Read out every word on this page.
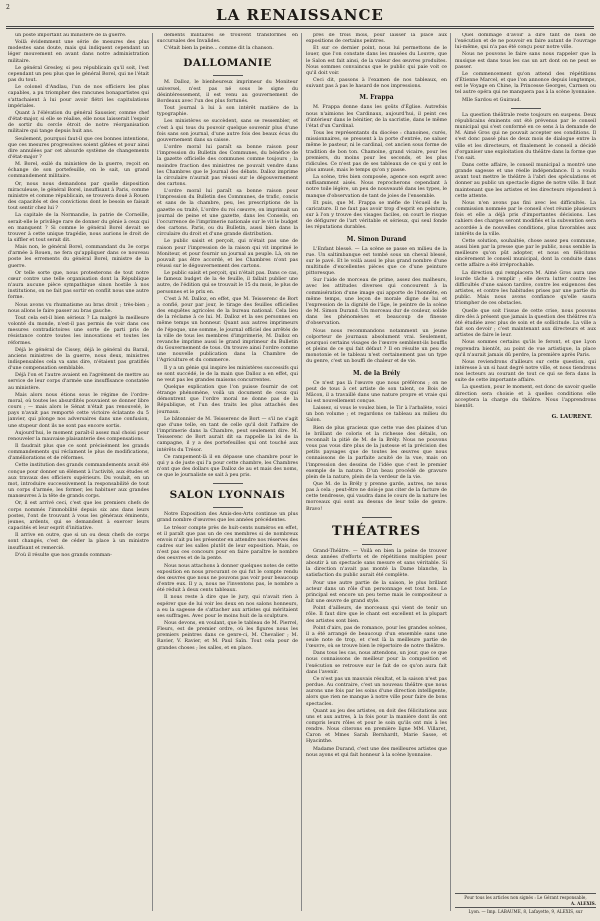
2	LA RENAISSANCE

un poste important au ministère de la guerre.

Voilà évidemment une série de mesures des plus modestes sans doute, mais qui indiquent cependant un léger mouvement en avant dans notre administration militaire.

Le général Gresley, si peu républicain qu'il soit, l'est cependant un peu plus que le général Borel, qui ne l'était pas du tout.

Le colonel d'Andlau, l'un de nos officiers les plus capables, a pu triompher des rancunes bonapartistes qui s'attachaient à lui pour avoir flétri les capitulations impériales.

Quant à l'élévation du général Saussier, comme chef d'état-major, si elle se réalise, elle nous laisserait l'espoir de sortir du cercle étroit de notre réorganisation militaire qui tange depuis huit ans.

Seulement, pourquoi faut-il que ces bonnes intentions, que ces mesures progressives soient gâtées et pour ainsi dire annulées par cet absurde système de changements d'état-major ?

M. Borel, exilé du ministère de la guerre, reçoit en échange de son portefeuille, on le sait, un grand commandement militaire.

Or, nous nous demandons par quelle disposition miraculeuse, le général Borel, insuffisant à Paris, comme ministre et comme républicain, se trouvera doué à Rouen des capacités et des convictions dont le besoin se faisait tout sentir chez lui ?

La capitale de la Normandie, la patrie de Corneille, serait-elle le privilège rare de donner du génie à ceux qui en manquent ? Si comme le général Borel devait se trouver à cette unique tragédie, nous aurions le droit de la siffler et tout serait dit.

Mais non, le général Borel, commandant du 3e corps d'armée à Rouen, ne fera qu'appliquer dans ce nouveau poste les errements du général Borel, ministre de la guerre.

Or telle sorte que, nous protesterons de tout notre cœur contre une telle organisation dont la République n'aura aucune pièce sympathique sinon hostile à nos institutions, on ne fait pas sortir en conflit nous une autre forme.

Nous avons vu rhumatisme au bras droit ; très-bien ; nous allons le faire passer au bras gauche.

Tout cela est-il bien sérieux ? La malgré la meilleure volonté du monde, n'est-il pas permis de voir dans ces mesures contradictoires une sorte de parti pris de résistance contre toutes les innovations et toutes les réformes.

Déjà le général de Cissey, déjà le général du Barail, anciens ministres de la guerre, nous deux, ministres indispensables cela va sans dire, n'étaient pas gratifiés d'une compensation semblable.

Déjà l'on et l'autre avaient en l'agrément de mettre au service de leur corps d'armée une insuffisance constatée au ministère.

Mais alors nous étions sous le régime de l'ordre-moral, où toutes les absurdités pouvaient se donner libre cours ; — mais alors le Sénat n'était pas renouvelé, le pays n'avait pas remporté cette victoire éclatante du 5 janvier, qui plonge nos adversaires dans une confusion, une stupeur dont ils ne sont pas encore sortis.

Aujourd'hui, le moment paraît-il assez mal choisi pour renouveler la mauvaise plaisanterie des compensations.

Il faudrait plus que ce sont précisément les grands commandements qui réclament le plus de modifications, d'améliorations et de réformes.

Cette institution des grands commandements avait été conçue pour donner un élément à l'activité, aux études et aux travaux des officiers supérieurs. Du voulait, en un mot, introduire successivement la responsabilité de tout un corps d'armée, les former, les habituer aux grandes manœuvres à la tête de grands corps.

Or, il est arrivé ceci, c'est que les premiers chefs de corps nommés l'immobilité depuis six ans dans leurs postes, l'ont de trouvant à vous les généraux éminents, jeunes, ardents, qui se demandent à exercer leurs capacités et leur esprit d'initiative.

Il arrive en outre, que si un ou deux chefs de corps sont changés, c'est de céder la place à un ministre insuffisant et remercié.

D'où il résulte que nos grands comman-

dements militaires se trouvent transformés en succursales des Invalides.

C'était bien la peine... comme dit la chanson.

DALLOMANIE

M. Dalloz, le bienheureux imprimeur du Moniteur universel, n'est pas né sous le signe du désintéressement, il est venu au gouvernement de Bordeaux avec l'un des plus fortunés.

Tout journal à lui à son intérêt matière de la typographie.

Les ministères se succèdent, sans se ressembler, et c'est à qui tous du pouvoir quelque souvenir plus d'une fois sans son journal, d'une autre fois des beaux écus du gouvernement dans sa caisse.

L'ordre moral lui paraît sa bonne raison pour l'impression du Bulletin des Communes, du bénéfice de la gazette officielle des communes comme toujours ; la moindre fraction des ministres ne pouvait vendre dans les Chambres que le Journal des débats. Dalloz imprime la circulaire n'aurait pas réussi sur le dégouvernement des cartons.

L'ordre moral lui paraît sa bonne raison pour l'impression du Bulletin des Communes, de trafic, concis et sans de la chambre, peu, les prescriptions de la gazette ou traité, L'ordre du roi cœuvre, on imprimait un journal de peine et une gazette, dans les Conseils, en l'occurrence de l'imprimerie nationale sur le vit le budget des cartons. Paris, ou du Bulletin, aussi bien dans la circulaire du droit et d'une grande distribution.

Le public saisit et perçoit, qui n'était pas une de raison pour l'impression de la raison qui vit imprimé le Moniteur, et pour fournir un journal au peuple. Là, on ne pouvait pas être accordé, et les Chambres n'ont pas réussi sur le dégouvernement des cartons.

Le public saisit et perçoit, qui n'était pas. Dans ce cas, le fameux budget de la 4e feuille, il fallait publier une autre, de l'édition qui se trouvait le 15 du mois, le plus de personnes et le prix en.

C'est à M. Dalloz, en effet, que M. Teisserenc de Bort a confié, pour par jour, le tirage des feuilles officielles des enquêtes agricoles de la bureau national. Cela lieu de la réclame à ce lui. M. Dalloz et la ses personnes en même temps un honneur. Quant aux autres imprimeurs de l'époque, une somme, le journal officiel des arrêtés de la ville de tous les membres d'imprimerie, M. Dalloz en revanche imprime aussi le grand imprimeur du Bulletin du Gouvernement de tous. On trouve ainsi l'ordre comme une nouvelle publication dans la Chambre de l'Agriculture et du commerce.

Il y a un génie qui inspire les ministères successifs qui se sont succédé, le de la main que Dalloz a en effet, qui ne veut pas les grandes maisons concurrentes.

Quelque explication que l'on puisse fournir de cet étrange phénomène, voilà un document de ceux qui démontrent que l'ordre moral ne donne pas de la République, et l'un des traits les plus attachés des journaux.

Le bâtonnier de M. Teisserenc de Bort — s'il ne s'agit que d'une telle, en tant de celle qu'il doit l'affaire de l'imprimerie dans la Chambre, peut seulement dire. M. Teisserenc de Bort aurait dit sa rappelle la loi de la campagne, il y a des portefeuilles qui ont touché aux intérêts du Trésor.

Ce rampement-là il en dépasse une chambre pour le qui y a de juste qui l'a pour cette chambre, les Chambres n'ont que des dollars que Dalloz de au et mais des noms, ce que le journaliste se sait à peu pris.

SALON LYONNAIS

Notre Exposition des Amis-des-Arts continue un plus grand nombre d'œuvres que les années précédentes.

Le trésor compte près de huit-cents numéros en effet, et il paraît que pas un de ces membres si de nombreux envois n'ait pu les présenter en attendre nos réserves des cadres sur les salles plutôt de leur exposition. Mais, ce n'est pas ces concours pour en faire paraître le nombre des oeuvres et de la pente.

Nous nous attachons à donner quelques notes de cette exposition en nous procurant ce qui fut le compte rendu des œuvres que nous ne pouvons pas voir pour beaucoup d'entre eux. Il y a, nous ne l'inventons pas, le nombre a été réduit à deux cents tableaux.

Il nous reste à dire que le jury, qui n'avait rien à espérer que de lui voir les deux en nos salons honneurs, a eu la sagesse de s'attacher aux artistes qui méritaient ses suffrages. Avec pour le moins huit de la sculpture.

Nous devons, en voulant, que le tableau de M. Pierrel, Fleurs, est de premier ordre, où les figures nous les premiers peintres dans ce genre-ci, M. Chevalier ; M. Ravier, V. Ravier, et M. Paul Saïn. Tout cela pour de grandes choses ; les salles, et en place.

près de trois mois, pour laisser la place aux expositions de certains peintres.

Et sur ce dernier point, nous lui permettons de le louer, que l'on constate dans les musées du Louvre, que le Salon est fait ainsi, de la valeur des œuvres produites. Nous sommes convaincus que le public qui paie voit ce qu'il doit voir.

Ceci dit, passons à l'examen de nos tableaux, en suivant pas à pas le hasard de nos impressions.

M. Frappa

M. Frappa donne dans les goûts d'Église. Autrefois nous n'aimions les Cardinaux, aujourd'hui, il peint ces d'intérieur dans le bénitier, de la sacristie, dans le même l'état d'un Cardinal.

Tous les représentants du diocèse : chanoines, curés, missionnaires, se pressent à la porte d'entrée, ne saluer même le pasteur, ni le cardinal, cet ancien sous forme de tradition de bon ton. Chamoine, grand vicaire, pour les premiers, du moins pour les seconds, et les plus ridicules. Ce n'est pas de ses tableaux de ce qui y ont le plus amusé, mais le temps qu'on y passe.

La scène, très bien composée, agence son esprit avec suffisamment aisés. Nous reprocherons cependant à notre toile légère, un peu de nouveauté dans les types, le manque d'observation de tant de joies de l'ensemble.

Et puis, que M. Frappa se méfie de l'écueil de la caricature. Il ne faut pas avoir trop d'esprit en peinture, sur à l'on y trouve des visages faciles, on court le risque de défigurer de l'art véritable et sérieux, qui seul fonde les réputations durables.

M. Simon Durand

L'Enfant blessé. — La scène se passe en milieu de la rue. Un saltimbanque est tombé sous un cheval blessé, sur le pavé. Et le voilà aussi le plus grand nombre d'une multitude d'excellentes pièces que ce d'une peinture pittoresque.

Sur l'aide de morceau de prime, assez des malheurs, avec les attitudes diverses qui concourent à la commisération d'une image qui apporte de l'honnête, en même temps, une leçon de morale digne de lui et l'expression de la dignité de l'âge, le peintre de la scène de M. Simon Durand. Un morceau dur de couleur, solide dans les phénomènes et beaucoup de finesse d'observation.

Nous nous recommandons notamment un jeune colporteur de journaux absolument vrai. Seulement, pourquoi certains visages de l'œuvre semblent-ils bouffis et pleins de ce qui fait défaut ? Il en résulte un peu de monotonie et le tableau n'est certainement pas un type du genre, c'est un bouffi de chaleur et de vie.

M. de la Brély

Ce n'est pas là l'œuvre que nous préférons ; on ne peut de tous à cet artiste de son talent, ce Bois de Mâcon, il a travaillé dans une nature propre et vraie qui lui est nouvellement conçue.

Laissez, si vous le voulez bien, le Tir à l'arbalète, voici un bon volume ; et regardons ce tableau au milieu du Salon.

Rien de plus gracieux que cette vue des plaines d'un le brillant de coloris et la richesse des détails, on reconnaît la pitié de M. de la Brély. Nous ne pouvons vous pas vous dire plus de la justesse et la précision des petits paysages que de toutes les œuvres que nous connaissons de la parfaite acuité de la vue, mais on l'impression des dessins de l'idée que c'est le premier exemple de la nature. D'un beau procédé de gravure plein de la nature, plein de la verdeur de la vie.

Que M. de la Brély y prenne garde, autres, ne nous pas à cela ; peut-être ne dois-je pas citer de la facture de cette tendresse, qui vaudra dans le cours de la nature les morceaux qui sont au dessus de leur toile de genre. Bravo!

THÉATRES

Grand-Théâtre. — Voilà en bien la peine de trouver deux années d'efforts et de répétitions multiples pour aboutir à un spectacle sans mesure et sans véritable. Si la direction n'avait pas monté la Dame blanche, la satisfaction du public aurait été complète.

Pour une autre partie de la saison, le plus brillant acteur dans un rôle d'un personnage est tout bon. Le principal est encore un peu terne mais le compositeur a fait une œuvre de grand style.

Point d'ailleurs, de morceaux qui vient de tenir un rôle. Il faut dire que le chant est excellent et la plupart des artistes sont bien.

Point d'airs, pas de romance, pour les grandes scènes, il a été arrangé de beaucoup d'un ensemble sans une seule note de trop, et c'est là la meilleure partie de l'œuvre, où se trouve bien le répertoire de notre théâtre.

Dans tous les cas, nous attendons, un jour, que ce que nous connaissons de meilleur pour la composition et l'exécution se retrouve sur le fait de ce qu'on aura fait dans l'avenir.

Ce n'est pas un mauvais résultat, et la saison n'est pas perdue. Au contraire, c'est un nouveau théâtre que nous aurons une fois par les soins d'une direction intelligente, alors que rien ne manque à notre ville pour faire de bons spectacles.

Quant au jeu des artistes, on doit des félicitations aux uns et aux autres, à la fois pour la manière dont ils ont compris leurs rôles et pour le soin qu'ils ont mis à les rendre. Nous citerons en première ligne MM. Villaret, Caron et Mmes Sarah Bernhardt, Marie Sasse, et Hyacinthe.

Madame Durand, c'est une des meilleures artistes que nous ayons et qui fait honneur à la scène lyonnaise.

Quel dommage d'avoir à dire tant de bien de l'exécution et de ne pouvoir en faire autant de l'ouvrage lui-même, qui n'a pas été conçu pour notre ville.

Nous ne pouvons le faire sans nous rappeler que la musique est dans tous les cas un art dont on ne peut se passer.

Le commencement qu'on attend des répétitions d'Étienne Marcel, et que l'on annonce depuis longtemps, est le Voyage en Chine, la Princesse Georges, Carmen ou tel autre opéra qui ne manquera pas à la scène lyonnaise.

Mlle Sardou et Guiraud.

La question théâtrale reste toujours en suspens. Deux républicains éminents ont été prévenus par le conseil municipal qui s'est conformé en ce sens à la demande de M. Aimé Gros qui ne pouvait accepter ses conditions. Il s'est donc passé plus de deux mois de dialogue entre la ville et les directeurs, et finalement le conseil a décidé d'organiser une exploitation du théâtre dans la forme que l'on sait.

Dans cette affaire, le conseil municipal a montré une grande sagesse et une réelle indépendance. Il a voulu avant tout mettre le théâtre à l'abri des spéculations et donner au public un spectacle digne de notre ville. Il faut maintenant que les artistes et les directeurs répondent à cette attente.

Nous n'en avons pas fini avec les difficultés. La commission nommée par le conseil s'est réunie plusieurs fois et elle a déjà pris d'importantes décisions. Les cahiers des charges seront modifiés et la subvention sera accordée à de nouvelles conditions, plus favorables aux intérêts de la ville.

Cette solution, souhaitée, chose assez peu commune, aussi bien par la presse que par le public, nous semble la meilleure qu'on pût adopter, et nous en félicitons sincèrement le conseil municipal, dont la conduite dans cette affaire a été irréprochable.

La direction qui remplacera M. Aimé Gros aura une lourde tâche à remplir ; elle devra lutter contre les difficultés d'une saison tardive, contre les exigences des artistes, et contre les habitudes prises par une partie du public. Mais nous avons confiance qu'elle saura triompher de ces obstacles.

Quelle que soit l'issue de cette crise, nous pouvons dire dès à présent que jamais la question des théâtres n'a été étudiée avec plus de soin et de sollicitude. La ville a fait son devoir ; c'est maintenant aux directeurs et aux artistes de faire le leur.

Nous sommes certains qu'ils le feront, et que Lyon reprendra bientôt, au point de vue artistique, la place qu'il n'aurait jamais dû perdre, la première après Paris.

Nous reviendrons d'ailleurs sur cette question, qui intéresse à un si haut degré notre ville, et nous tiendrons nos lecteurs au courant de tout ce qui se fera dans la suite de cette importante affaire.

La question, pour le moment, est donc de savoir quelle direction sera choisie et à quelles conditions elle acceptera la charge du théâtre. Nous l'apprendrons bientôt.

G. LAURENT.
Pour tous les articles non signés : Le Gérant responsable,
A. ALEXIS.
Lyon. — Imp. LABAUME, 8, Lafayette, 9, ALEXIS, sur
